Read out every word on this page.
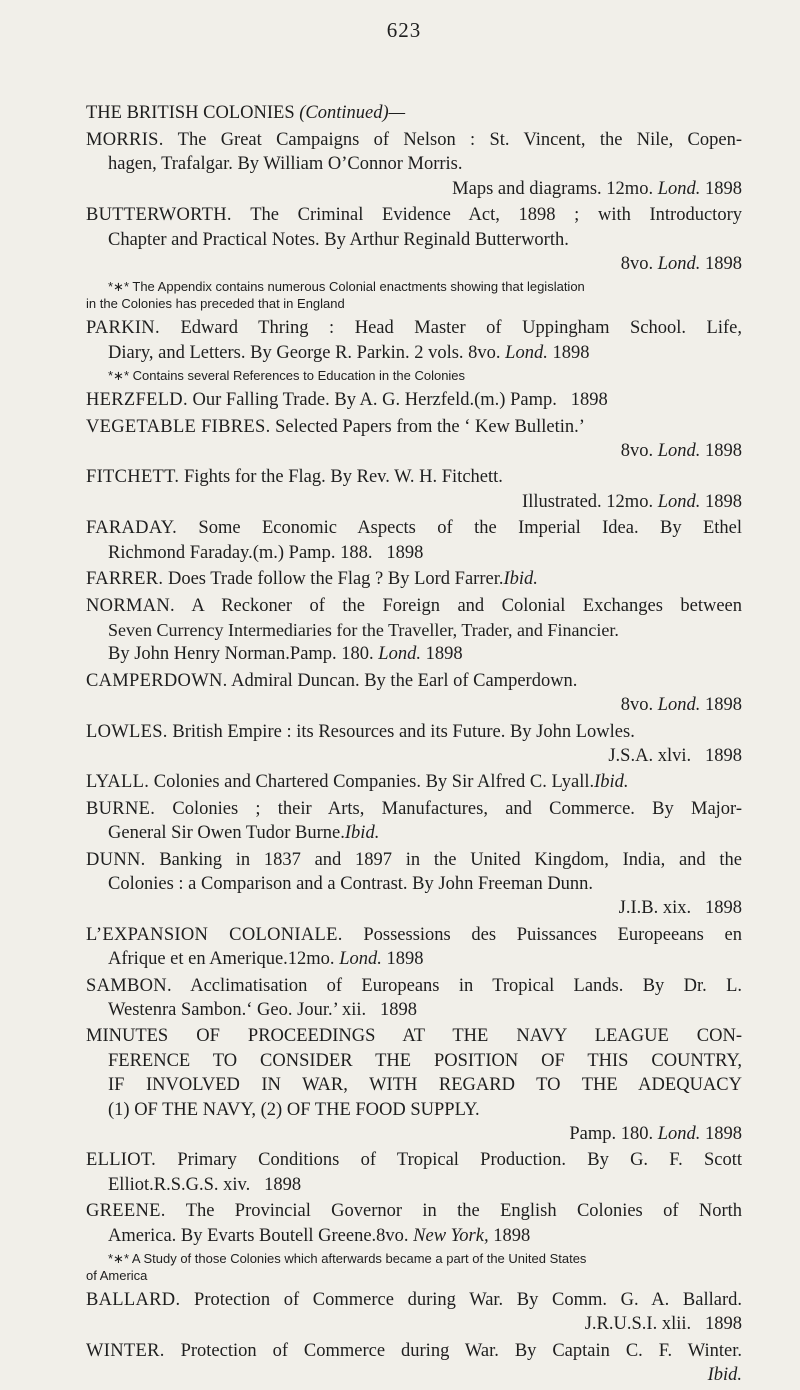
623
THE BRITISH COLONIES (Continued)—
MORRIS. The Great Campaigns of Nelson : St. Vincent, the Nile, Copen-
hagen, Trafalgar. By William O’Connor Morris.
Maps and diagrams. 12mo. Lond. 1898
BUTTERWORTH. The Criminal Evidence Act, 1898 ; with Introductory
Chapter and Practical Notes. By Arthur Reginald Butterworth.
8vo. Lond. 1898
*∗* The Appendix contains numerous Colonial enactments showing that legislation
in the Colonies has preceded that in England
PARKIN. Edward Thring : Head Master of Uppingham School. Life,
Diary, and Letters. By George R. Parkin. 2 vols. 8vo. Lond. 1898
*∗* Contains several References to Education in the Colonies
HERZFELD. Our Falling Trade. By A. G. Herzfeld.(m.) Pamp. 1898
VEGETABLE FIBRES. Selected Papers from the ‘ Kew Bulletin.’
8vo. Lond. 1898
FITCHETT. Fights for the Flag. By Rev. W. H. Fitchett.
Illustrated. 12mo. Lond. 1898
FARADAY. Some Economic Aspects of the Imperial Idea. By Ethel
Richmond Faraday.(m.) Pamp. 188. 1898
FARRER. Does Trade follow the Flag ? By Lord Farrer.Ibid.
NORMAN. A Reckoner of the Foreign and Colonial Exchanges between
Seven Currency Intermediaries for the Traveller, Trader, and Financier.
By John Henry Norman.Pamp. 180. Lond. 1898
CAMPERDOWN. Admiral Duncan. By the Earl of Camperdown.
8vo. Lond. 1898
LOWLES. British Empire : its Resources and its Future. By John Lowles.
J.S.A. xlvi. 1898
LYALL. Colonies and Chartered Companies. By Sir Alfred C. Lyall.Ibid.
BURNE. Colonies ; their Arts, Manufactures, and Commerce. By Major-
General Sir Owen Tudor Burne.Ibid.
DUNN. Banking in 1837 and 1897 in the United Kingdom, India, and the
Colonies : a Comparison and a Contrast. By John Freeman Dunn.
J.I.B. xix. 1898
L’EXPANSION COLONIALE. Possessions des Puissances Europeeans en
Afrique et en Amerique.12mo. Lond. 1898
SAMBON. Acclimatisation of Europeans in Tropical Lands. By Dr. L.
Westenra Sambon.‘ Geo. Jour.’ xii. 1898
MINUTES OF PROCEEDINGS AT THE NAVY LEAGUE CON-
FERENCE TO CONSIDER THE POSITION OF THIS COUNTRY,
IF INVOLVED IN WAR, WITH REGARD TO THE ADEQUACY
(1) OF THE NAVY, (2) OF THE FOOD SUPPLY.
Pamp. 180. Lond. 1898
ELLIOT. Primary Conditions of Tropical Production. By G. F. Scott
Elliot.R.S.G.S. xiv. 1898
GREENE. The Provincial Governor in the English Colonies of North
America. By Evarts Boutell Greene.8vo. New York, 1898
*∗* A Study of those Colonies which afterwards became a part of the United States
of America
BALLARD. Protection of Commerce during War. By Comm. G. A. Ballard.
J.R.U.S.I. xlii. 1898
WINTER. Protection of Commerce during War. By Captain C. F. Winter.
Ibid.
